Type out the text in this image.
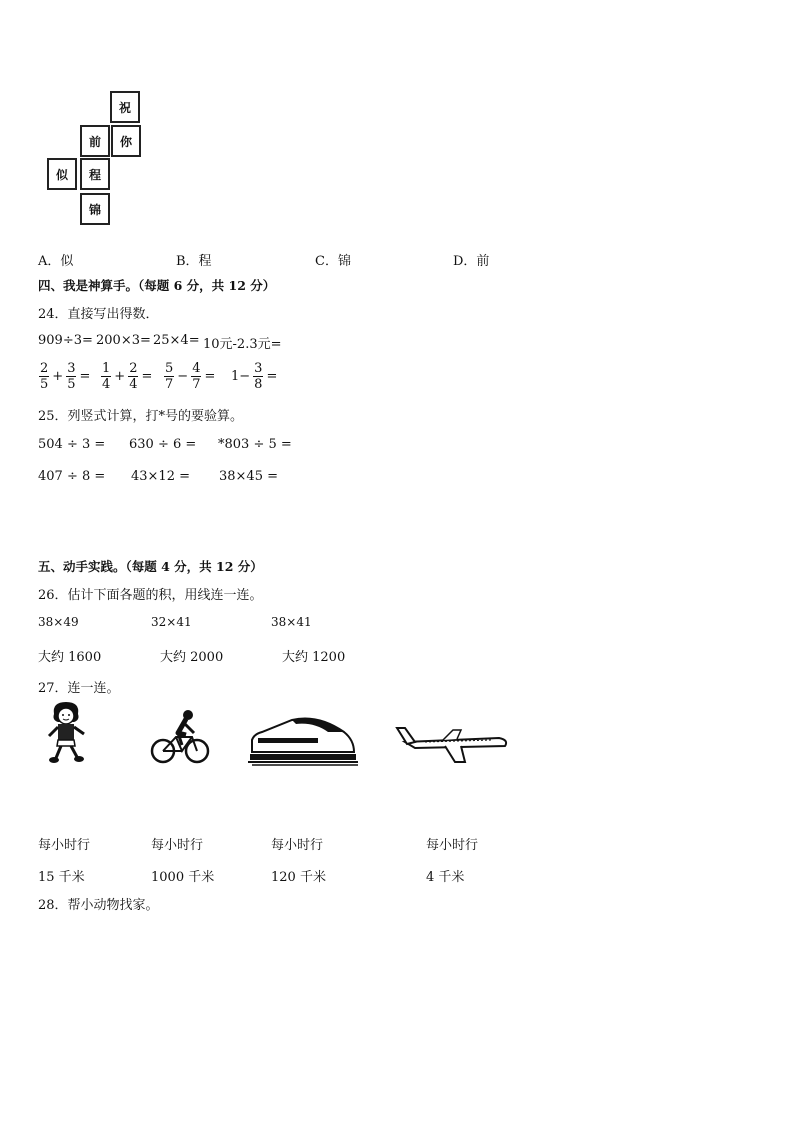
祝
你
前
似	程
锦
A．似	B．程	C．锦	D．前
四、我是神算手。（每题 6 分，共 12 分）
24．直接写出得数．
909÷3= 200×3= 25×4= 10元-2.3元=
$\frac{2}{5} + \frac{3}{5} = \frac{1}{4} + \frac{2}{4} = \frac{5}{7} - \frac{4}{7} = 1- \frac{3}{8}$ =
25．列竖式计算，打*号的要验算。
504 ÷ 3 = 630 ÷ 6 = *803 ÷ 5 =
407 ÷ 8 = 43×12 = 38×45 =
五、动手实践。（每题 4 分，共 12 分）
26．估计下面各题的积，用线连一连。
38×49	32×41	38×41
大约 1600	大约 2000	大约 1200
27．连一连。
每小时行	每小时行	每小时行	每小时行
15 千米	1000 千米	120 千米	4 千米
28．帮小动物找家。
